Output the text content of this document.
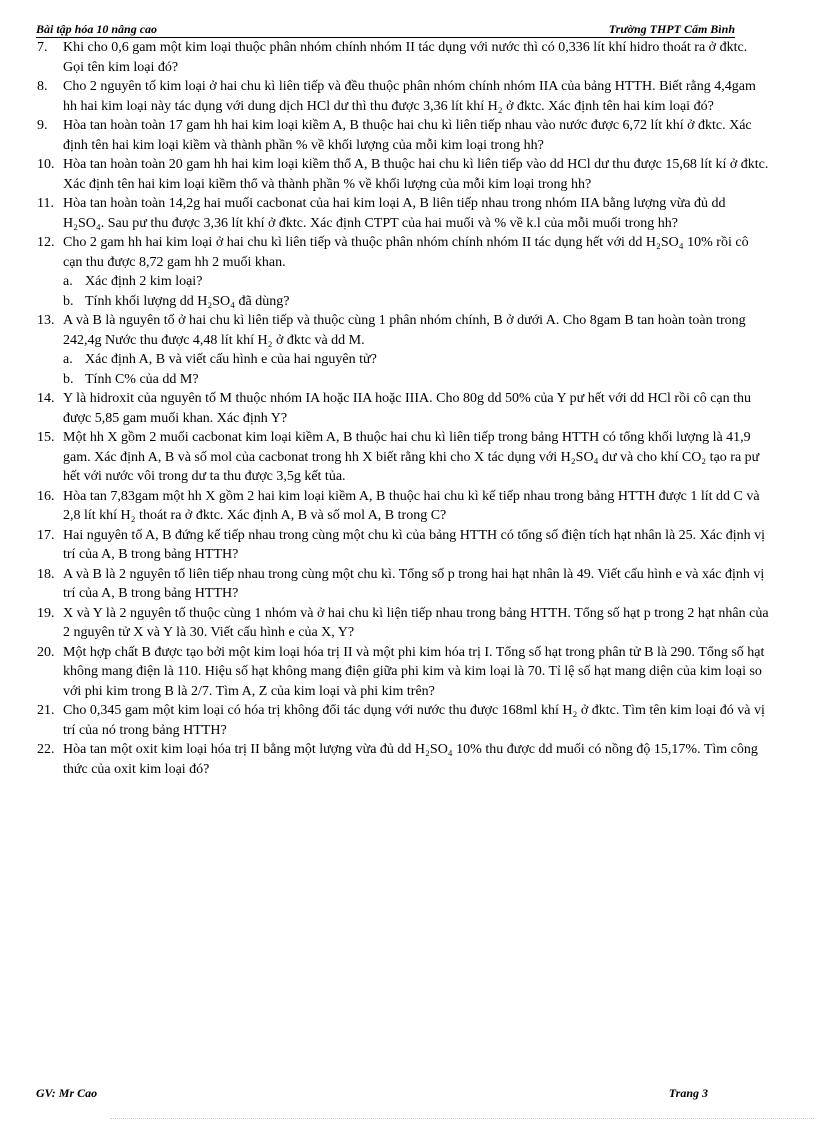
Bài tập hóa 10 nâng cao	Trường THPT Cẩm Bình
7. Khi cho 0,6 gam một kim loại thuộc phân nhóm chính nhóm II tác dụng với nước thì có 0,336 lít khí hidro thoát ra ở đktc. Gọi tên kim loại đó?
8. Cho 2 nguyên tố kim loại ở hai chu kì liên tiếp và đều thuộc phân nhóm chính nhóm IIA của bảng HTTH. Biết rằng 4,4gam hh hai kim loại này tác dụng với dung dịch HCl dư thì thu được 3,36 lít khí H₂ ở đktc. Xác định tên hai kim loại đó?
9. Hòa tan hoàn toàn 17 gam hh hai kim loại kiềm A, B thuộc hai chu kì liên tiếp nhau vào nước được 6,72 lít khí ở đktc. Xác định tên hai kim loại kiềm và thành phần % về khối lượng của mỗi kim loại trong hh?
10. Hòa tan hoàn toàn 20 gam hh hai kim loại kiềm thổ A, B thuộc hai chu kì liên tiếp vào dd HCl dư thu được 15,68 lít kí ở đktc. Xác định tên hai kim loại kiềm thổ và thành phần % về khối lượng của mỗi kim loại trong hh?
11. Hòa tan hoàn toàn 14,2g hai muối cacbonat của hai kim loại A, B liên tiếp nhau trong nhóm IIA bằng lượng vừa đủ dd H₂SO₄. Sau pư thu được 3,36 lít khí ở đktc. Xác định CTPT của hai muối và % về k.l của mỗi muối trong hh?
12. Cho 2 gam hh hai kim loại ở hai chu kì liên tiếp và thuộc phân nhóm chính nhóm II tác dụng hết với dd H₂SO₄ 10% rồi cô cạn thu được 8,72 gam hh 2 muối khan.
a. Xác định 2 kim loại?
b. Tính khối lượng dd H₂SO₄ đã dùng?
13. A và B là nguyên tố ở hai chu kì liên tiếp và thuộc cùng 1 phân nhóm chính, B ở dưới A. Cho 8gam B tan hoàn toàn trong 242,4g Nước thu được 4,48 lít khí H₂ ở đktc và dd M.
a. Xác định A, B và viết cấu hình e của hai nguyên tử?
b. Tính C% của dd M?
14. Y là hidroxit của nguyên tố M thuộc nhóm IA hoặc IIA hoặc IIIA. Cho 80g dd 50% của Y pư hết với dd HCl rồi cô cạn thu được 5,85 gam muối khan. Xác định Y?
15. Một hh X gồm 2 muối cacbonat kim loại kiềm A, B thuộc hai chu kì liên tiếp trong bảng HTTH có tổng khối lượng là 41,9 gam. Xác định A, B và số mol của cacbonat trong hh X biết rằng khi cho X tác dụng với H₂SO₄ dư và cho khí CO₂ tạo ra pư hết với nước vôi trong dư ta thu được 3,5g kết tủa.
16. Hòa tan 7,83gam một hh X gồm 2 hai kim loại kiềm A, B thuộc hai chu kì kế tiếp nhau trong bảng HTTH được 1 lít dd C và 2,8 lít khí H₂ thoát ra ở đktc. Xác định A, B và số mol A, B trong C?
17. Hai nguyên tố A, B đứng kế tiếp nhau trong cùng một chu kì của bảng HTTH có tổng số điện tích hạt nhân là 25. Xác định vị trí của A, B trong bảng HTTH?
18. A và B là 2 nguyên tố liên tiếp nhau trong cùng một chu kì. Tổng số p trong hai hạt nhân là 49. Viết cấu hình e và xác định vị trí của A, B trong bảng HTTH?
19. X và Y là 2 nguyên tố thuộc cùng 1 nhóm và ở hai chu kì liện tiếp nhau trong bảng HTTH. Tổng số hạt p trong 2 hạt nhân của 2 nguyên tử X và Y là 30. Viết cấu hình e của X, Y?
20. Một hợp chất B được tạo bởi một kim loại hóa trị II và một phi kim hóa trị I. Tổng số hạt trong phân tử B là 290. Tổng số hạt không mang điện là 110. Hiệu số hạt không mang điện giữa phi kim và kim loại là 70. Tỉ lệ số hạt mang diện của kim loại so với phi kim trong B là 2/7. Tìm A, Z của kim loại và phi kim trên?
21. Cho 0,345 gam một kim loại có hóa trị không đổi tác dụng với nước thu được 168ml khí H₂ ở đktc. Tìm tên kim loại đó và vị trí của nó trong bảng HTTH?
22. Hòa tan một oxit kim loại hóa trị II bằng một lượng vừa đủ dd H₂SO₄ 10% thu được dd muối có nồng độ 15,17%. Tìm công thức của oxit kim loại đó?
GV: Mr Cao	Trang 3
